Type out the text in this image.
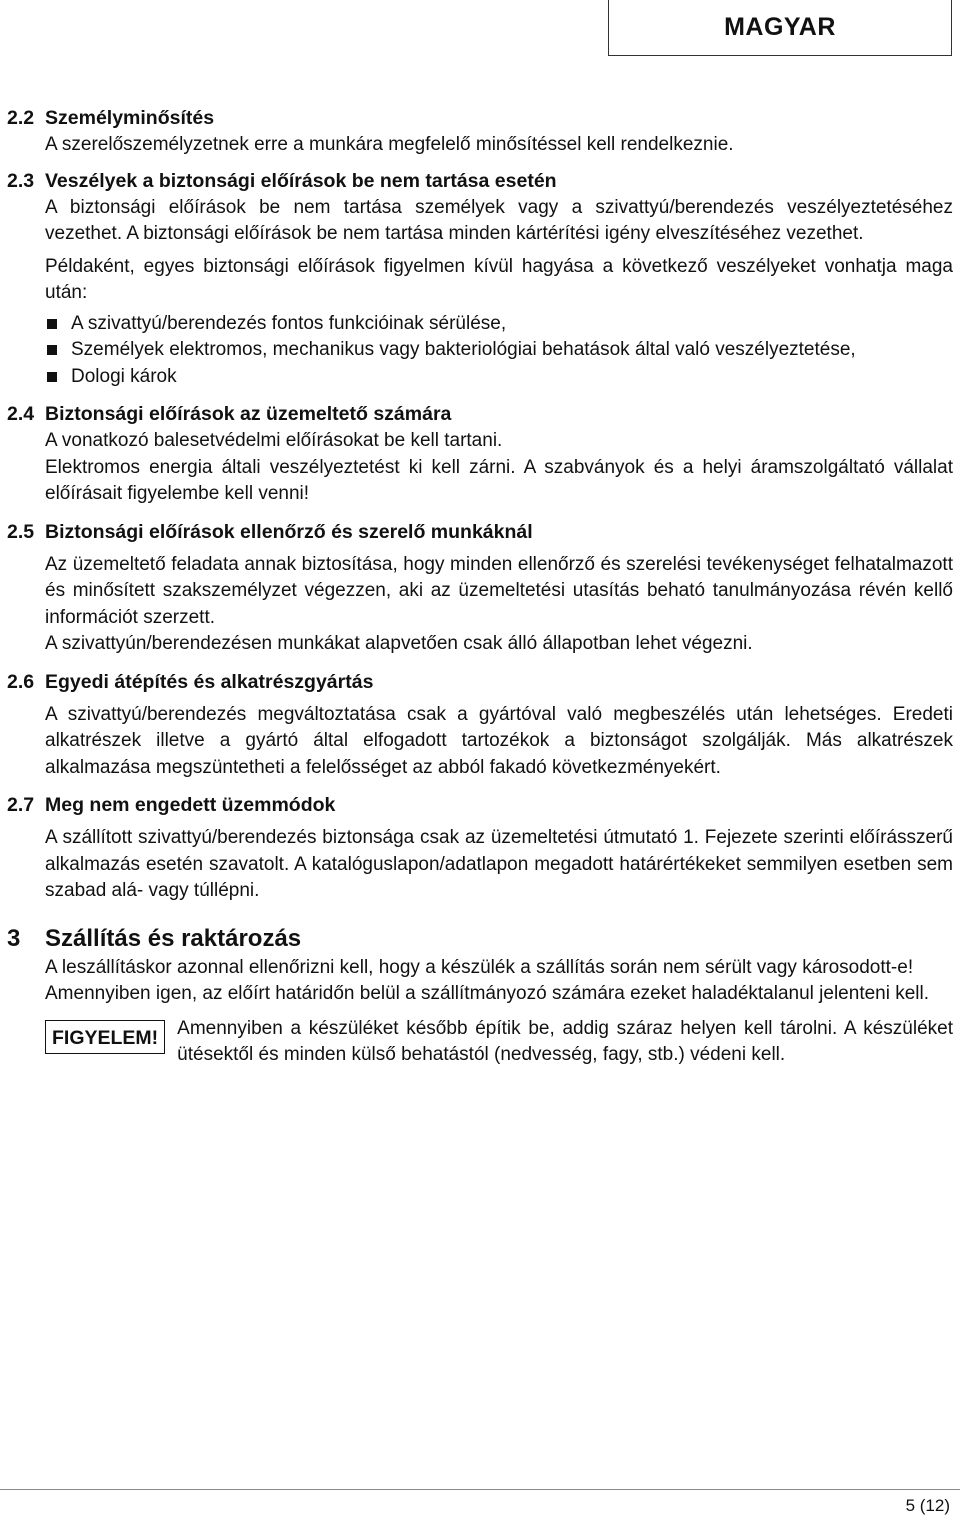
MAGYAR
2.2 Személyminősítés

A szerelőszemélyzetnek erre a munkára megfelelő minősítéssel kell rendelkeznie.

2.3 Veszélyek a biztonsági előírások be nem tartása esetén

A biztonsági előírások be nem tartása személyek vagy a szivattyú/berendezés veszélyeztetéséhez vezethet. A biztonsági előírások be nem tartása minden kártérítési igény elveszítéséhez vezethet.

Példaként, egyes biztonsági előírások figyelmen kívül hagyása a következő veszélyeket vonhatja maga után:

A szivattyú/berendezés fontos funkcióinak sérülése,
Személyek elektromos, mechanikus vagy bakteriológiai behatások által való veszélyeztetése,
Dologi károk
2.4 Biztonsági előírások az üzemeltető számára

A vonatkozó balesetvédelmi előírásokat be kell tartani.

Elektromos energia általi veszélyeztetést ki kell zárni. A szabványok és a helyi áramszolgáltató vállalat előírásait figyelembe kell venni!

2.5 Biztonsági előírások ellenőrző és szerelő munkáknál

Az üzemeltető feladata annak biztosítása, hogy minden ellenőrző és szerelési tevékenységet felhatalmazott és minősített szakszemélyzet végezzen, aki az üzemeltetési utasítás beható tanulmányozása révén kellő információt szerzett.

A szivattyún/berendezésen munkákat alapvetően csak álló állapotban lehet végezni.

2.6 Egyedi átépítés és alkatrészgyártás

A szivattyú/berendezés megváltoztatása csak a gyártóval való megbeszélés után lehetséges. Eredeti alkatrészek illetve a gyártó által elfogadott tartozékok a biztonságot szolgálják. Más alkatrészek alkalmazása megszüntetheti a felelősséget az abból fakadó következményekért.

2.7 Meg nem engedett üzemmódok

A szállított szivattyú/berendezés biztonsága csak az üzemeltetési útmutató 1. Fejezete szerinti előírásszerű alkalmazás esetén szavatolt. A katalóguslapon/adatlapon megadott határértékeket semmilyen esetben sem szabad alá- vagy túllépni.

3	Szállítás és raktározás

A leszállításkor azonnal ellenőrizni kell, hogy a készülék a szállítás során nem sérült vagy károsodott-e!

Amennyiben igen, az előírt határidőn belül a szállítmányozó számára ezeket haladéktalanul jelenteni kell.

FIGYELEM!	Amennyiben a készüléket később építik be, addig száraz helyen kell tárolni. A készüléket ütésektől és minden külső behatástól (nedvesség, fagy, stb.) védeni kell.
5 (12)
